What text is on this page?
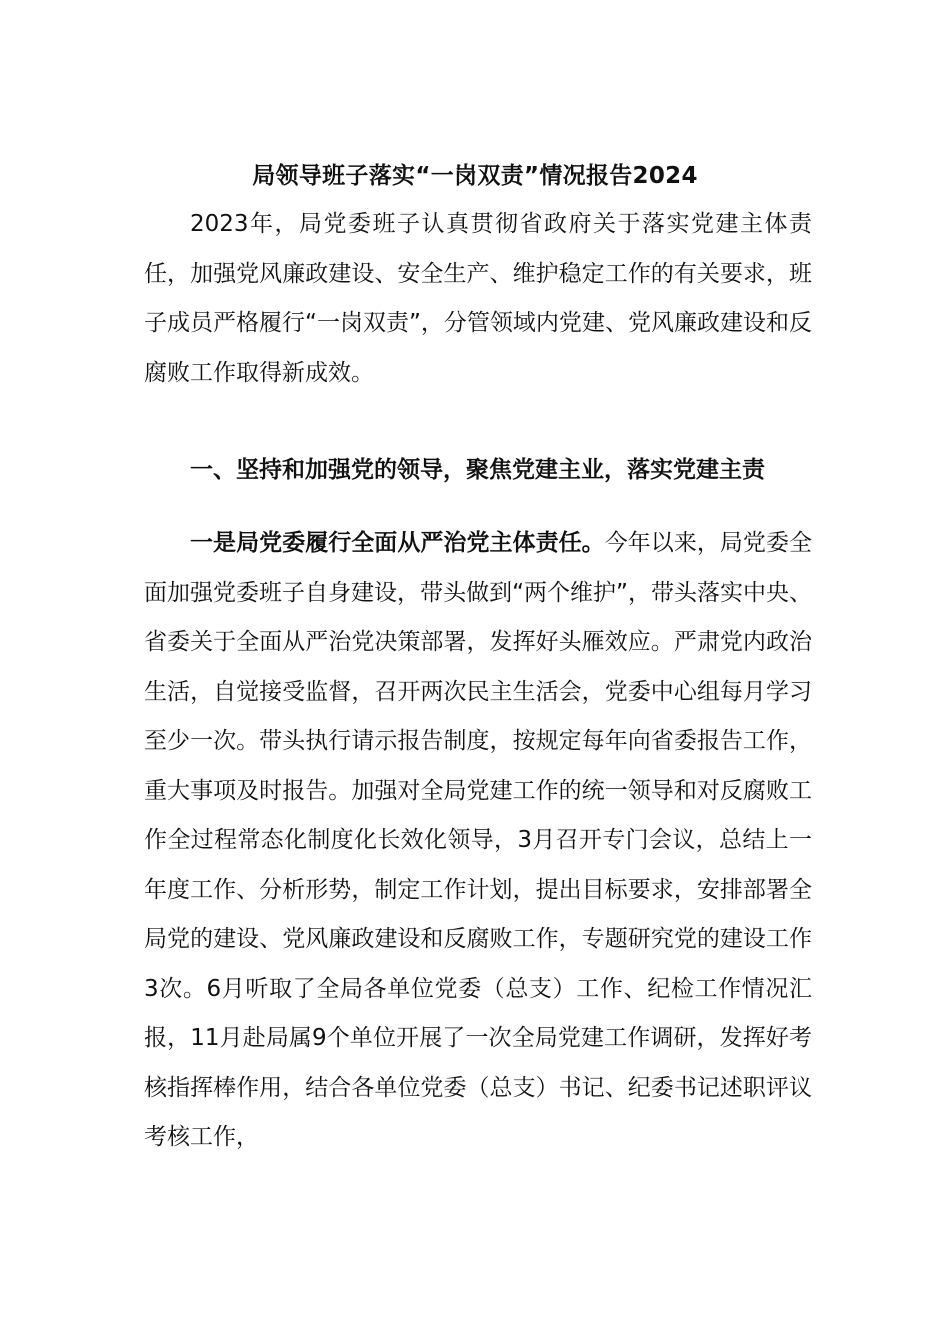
局领导班子落实“一岗双责”情况报告2024

2023年，局党委班子认真贯彻省政府关于落实党建主体责任，加强党风廉政建设、安全生产、维护稳定工作的有关要求，班子成员严格履行“一岗双责”，分管领域内党建、党风廉政建设和反腐败工作取得新成效。

一、坚持和加强党的领导，聚焦党建主业，落实党建主责

一是局党委履行全面从严治党主体责任。今年以来，局党委全面加强党委班子自身建设，带头做到“两个维护”，带头落实中央、省委关于全面从严治党决策部署，发挥好头雁效应。严肃党内政治生活，自觉接受监督，召开两次民主生活会，党委中心组每月学习至少一次。带头执行请示报告制度，按规定每年向省委报告工作，重大事项及时报告。加强对全局党建工作的统一领导和对反腐败工作全过程常态化制度化长效化领导，3月召开专门会议，总结上一年度工作、分析形势，制定工作计划，提出目标要求，安排部署全局党的建设、党风廉政建设和反腐败工作，专题研究党的建设工作3次。6月听取了全局各单位党委（总支）工作、纪检工作情况汇报，11月赴局属9个单位开展了一次全局党建工作调研，发挥好考核指挥棒作用，结合各单位党委（总支）书记、纪委书记述职评议考核工作，
